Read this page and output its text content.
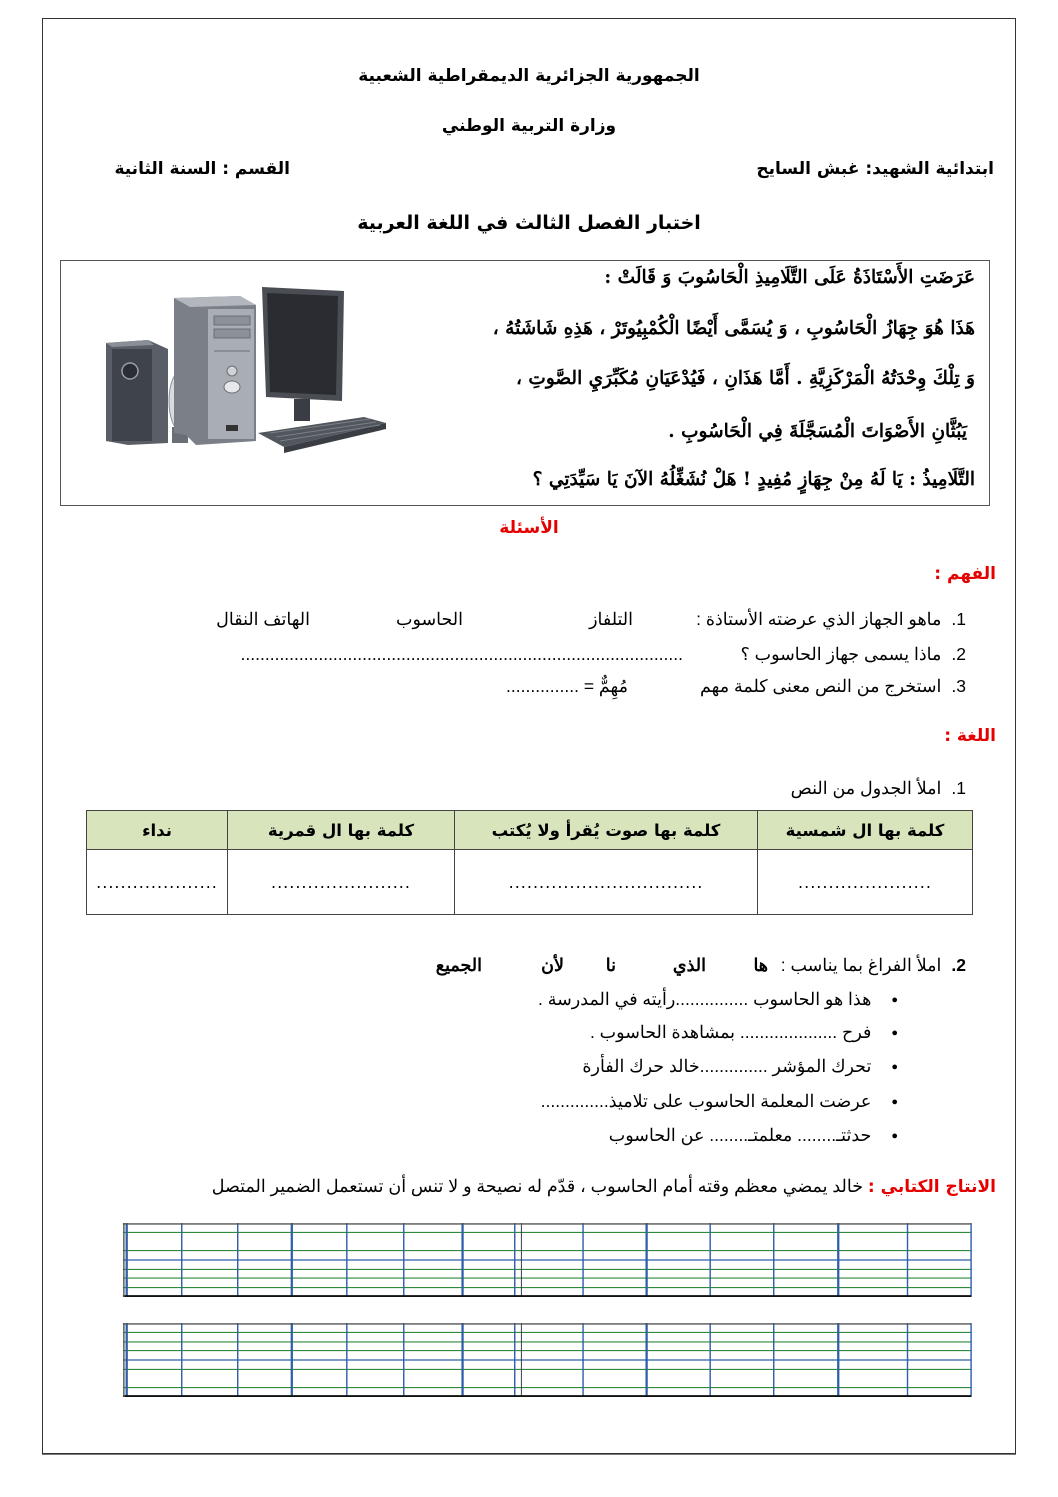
الجمهورية الجزائرية الديمقراطية الشعبية
وزارة التربية الوطني
ابتدائية الشهيد: غبش السايح
القسم : السنة الثانية
اختبار الفصل الثالث في اللغة العربية
عَرَضَتِ الأَسْتَاذَةُ عَلَى التَّلَامِيذِ الْحَاسُوبَ وَ قَالَتْ :
هَذَا هُوَ جِهَازُ الْحَاسُوبِ ، وَ يُسَمَّى أَيْضًا الْكُمْبِيُوتَرْ ، هَذِهِ شَاشَتُهُ ،
وَ تِلْكَ وِحْدَتُهُ الْمَرْكَزِيَّةِ . أَمَّا هَذَانِ ، فَيُدْعَيَانِ مُكَبِّرَيِ الصَّوتِ ،
يَبُثَّانِ الأَصْوَاتَ الْمُسَجَّلَةَ فِي الْحَاسُوبِ .
التَّلَامِيذُ : يَا لَهُ مِنْ جِهَازٍ مُفِيدٍ ! هَلْ نُشَغِّلُهُ الآنَ يَا سَيِّدَتِي ؟
الأسئلة
الفهم :
1.ماهو الجهاز الذي عرضته الأستاذة :
التلفاز
الحاسوب
الهاتف النقال
2.ماذا يسمى جهاز الحاسوب ؟
...........................................................................................
3.استخرج من النص معنى كلمة مهم
مُهِمٌّ = ...............
اللغة :
1.املأ الجدول من النص
كلمة بها ال شمسية	كلمة بها صوت يُقرأ ولا يُكتب	كلمة بها ال قمرية	نداء
......................	................................	.......................	....................
2.املأ الفراغ بما يناسب :
ها
الذي
نا
لأن
الجميع
●هذا هو الحاسوب ...............رأيته في المدرسة .
●فرح .................... بمشاهدة الحاسوب .
●تحرك المؤشر ..............خالد حرك الفأرة
●عرضت المعلمة الحاسوب على تلاميذ..............
●حدثتـ........ معلمتـ........ عن الحاسوب
الانتاج الكتابي : خالد يمضي معظم وقته أمام الحاسوب ، قدّم له نصيحة و لا تنس أن تستعمل الضمير المتصل
